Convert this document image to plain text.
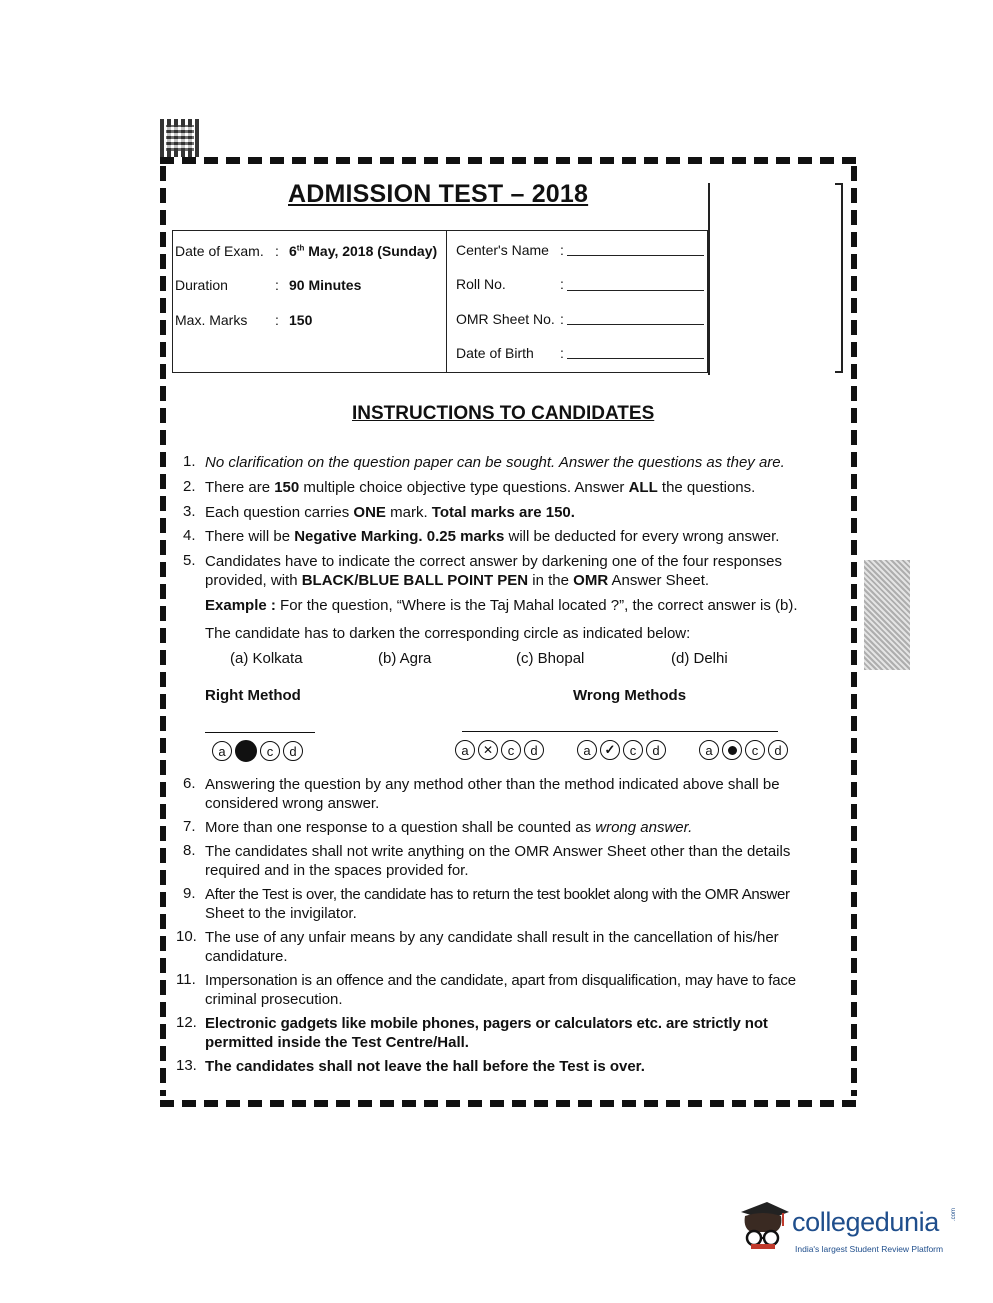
ADMISSION TEST – 2018
Date of Exam. : 6th May, 2018 (Sunday)
Duration	: 90 Minutes
Max. Marks : 150
Center's Name :
Roll No.	:
OMR Sheet No. :
Date of Birth :
INSTRUCTIONS TO CANDIDATES
1. No clarification on the question paper can be sought. Answer the questions as they are.
2. There are 150 multiple choice objective type questions. Answer ALL the questions.
3. Each question carries ONE mark. Total marks are 150.
4. There will be Negative Marking. 0.25 marks will be deducted for every wrong answer.
5. Candidates have to indicate the correct answer by darkening one of the four responses
provided, with BLACK/BLUE BALL POINT PEN in the OMR Answer Sheet.
Example : For the question, “Where is the Taj Mahal located ?”, the correct answer is (b).
The candidate has to darken the corresponding circle as indicated below:
(a) Kolkata	(b) Agra	(c) Bhopal	(d) Delhi
Right Method	Wrong Methods
a	c d	a ✕	c d	a ✓	c d	a	c d
6. Answering the question by any method other than the method indicated above shall be
considered wrong answer.
7. More than one response to a question shall be counted as wrong answer.
8. The candidates shall not write anything on the OMR Answer Sheet other than the details
required and in the spaces provided for.
9. After the Test is over, the candidate has to return the test booklet along with the OMR Answer
Sheet to the invigilator.
10. The use of any unfair means by any candidate shall result in the cancellation of his/her
candidature.
11. Impersonation is an offence and the candidate, apart from disqualification, may have to face
criminal prosecution.
12. Electronic gadgets like mobile phones, pagers or calculators etc. are strictly not
permitted inside the Test Centre/Hall.
13. The candidates shall not leave the hall before the Test is over.
collegedunia .com
India's largest Student Review Platform
